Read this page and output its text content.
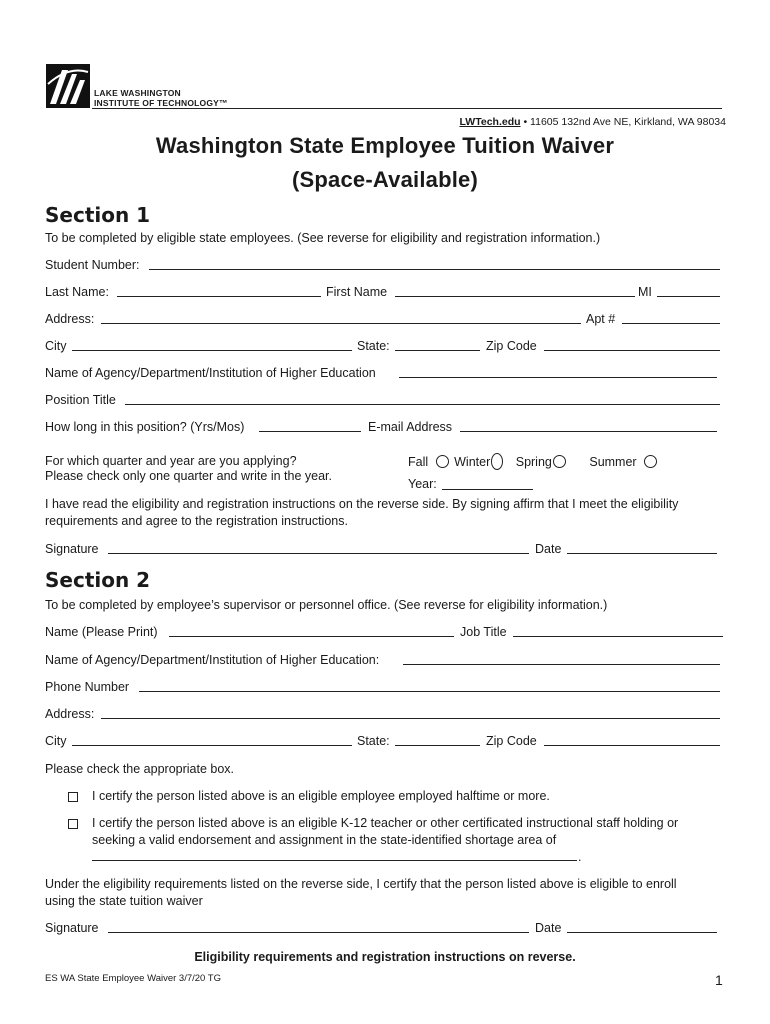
LAKE WASHINGTON
INSTITUTE OF TECHNOLOGY™
LWTech.edu • 11605 132nd Ave NE, Kirkland, WA 98034
Washington State Employee Tuition Waiver
(Space-Available)
Section 1
To be completed by eligible state employees. (See reverse for eligibility and registration information.)
Student Number:
Last Name:	First Name	MI
Address:	Apt #
City	State:	Zip Code
Name of Agency/Department/Institution of Higher Education
Position Title
How long in this position? (Yrs/Mos)	E-mail Address
For which quarter and year are you applying?
Please check only one quarter and write in the year.
Fall Winter Spring	Summer
Year:
I have read the eligibility and registration instructions on the reverse side. By signing affirm that I meet the eligibility
requirements and agree to the registration instructions.
Signature	Date
Section 2
To be completed by employee’s supervisor or personnel office. (See reverse for eligibility information.)
Name (Please Print)	Job Title
Name of Agency/Department/Institution of Higher Education:
Phone Number
Address:
City	State:	Zip Code
Please check the appropriate box.
I certify the person listed above is an eligible employee employed halftime or more.
I certify the person listed above is an eligible K-12 teacher or other certificated instructional staff holding or
seeking a valid endorsement and assignment in the state-identified shortage area of
.
Under the eligibility requirements listed on the reverse side, I certify that the person listed above is eligible to enroll
using the state tuition waiver
Signature	Date
Eligibility requirements and registration instructions on reverse.
ES WA State Employee Waiver 3/7/20 TG	1
